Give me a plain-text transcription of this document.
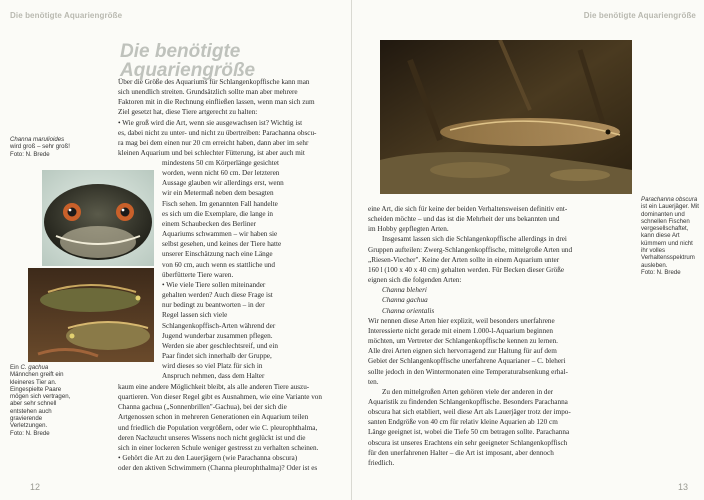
Die benötigte Aquariengröße
Die benötigte
Aquariengröße
Channa marulioides
wird groß – sehr groß!
Foto: N. Brede
Ein C. gachua
Männchen greift ein kleineres Tier an. Eingespielte Paare mögen sich vertragen, aber sehr schnell entstehen auch gravierende Verletzungen.
Foto: N. Brede

Über die Größe des Aquariums für Schlangenkopffische kann man

sich unendlich streiten. Grundsätzlich sollte man aber mehrere

Faktoren mit in die Rechnung einfließen lassen, wenn man sich zum

Ziel gesetzt hat, diese Tiere artgerecht zu halten:

• Wie groß wird die Art, wenn sie ausgewachsen ist? Wichtig ist

es, dabei nicht zu unter- und nicht zu übertreiben: Parachanna obscu-

ra mag bei dem einen nur 20 cm erreicht haben, dann aber im sehr

kleinen Aquarium und bei schlechter Fütterung, ist aber auch mit

mindestens 50 cm Körperlänge gesichtet

worden, wenn nicht 60 cm. Der letzteren

Aussage glauben wir allerdings erst, wenn

wir ein Metermaß neben dem besagten

Fisch sehen. Im genannten Fall handelte

es sich um die Exemplare, die lange in

einem Schaubecken des Berliner

Aquariums schwammen – wir haben sie

selbst gesehen, und keines der Tiere hatte

unserer Einschätzung nach eine Länge

von 60 cm, auch wenn es stattliche und

überfütterte Tiere waren.

• Wie viele Tiere sollen miteinander

gehalten werden? Auch diese Frage ist

nur bedingt zu beantworten – in der

Regel lassen sich viele

Schlangenkopffisch-Arten während der

Jugend wunderbar zusammen pflegen.

Werden sie aber geschlechtsreif, und ein

Paar findet sich innerhalb der Gruppe,

wird dieses so viel Platz für sich in

Anspruch nehmen, dass dem Halter

kaum eine andere Möglichkeit bleibt, als alle anderen Tiere auszu-

quartieren. Von dieser Regel gibt es Ausnahmen, wie eine Variante von

Channa gachua („Sonnenbrillen"-Gachua), bei der sich die

Artgenossen schon in mehreren Generationen ein Aquarium teilen

und friedlich die Population vergrößern, oder wie C. pleurophthalma,

deren Nachzucht unseres Wissens noch nicht geglückt ist und die

sich in einer lockeren Schule weniger gestresst zu verhalten scheinen.

• Gehört die Art zu den Lauerjägern (wie Parachanna obscura)

oder den aktiven Schwimmern (Channa pleurophthalma)? Oder ist es

12
Die benötigte Aquariengröße
Parachanna obscura
ist ein Lauerjäger. Mit dominanten und schnellen Fischen vergesellschaftet, kann diese Art kümmern und nicht ihr volles Verhaltensspektrum ausleben.
Foto: N. Brede

eine Art, die sich für keine der beiden Verhaltensweisen definitiv ent-

scheiden möchte – und das ist die Mehrheit der uns bekannten und

im Hobby gepflegten Arten.

Insgesamt lassen sich die Schlangenkopffische allerdings in drei

Gruppen aufteilen: Zwerg-Schlangenkopffische, mittelgroße Arten und

„Riesen-Viecher". Keine der Arten sollte in einem Aquarium unter

160 l (100 x 40 x 40 cm) gehalten werden. Für Becken dieser Größe

eignen sich die folgenden Arten:

Channa bleheri

Channa gachua

Channa orientalis

Wir nennen diese Arten hier explizit, weil besonders unerfahrene

Interessierte nicht gerade mit einem 1.000-l-Aquarium beginnen

möchten, um Vertreter der Schlangenkopffische kennen zu lernen.

Alle drei Arten eignen sich hervorragend zur Haltung für auf dem

Gebiet der Schlangenkopffische unerfahrene Aquarianer – C. bleheri

sollte jedoch in den Wintermonaten eine Temperaturabsenkung erhal-

ten.

Zu den mittelgroßen Arten gehören viele der anderen in der

Aquaristik zu findenden Schlangenkopffische. Besonders Parachanna

obscura hat sich etabliert, weil diese Art als Lauerjäger trotz der impo-

santen Endgröße von 40 cm für relativ kleine Aquarien ab 120 cm

Länge geeignet ist, wobei die Tiefe 50 cm betragen sollte. Parachanna

obscura ist unseres Erachtens ein sehr geeigneter Schlangenkopffisch

für den unerfahrenen Halter – die Art ist imposant, aber dennoch

friedlich.

13
